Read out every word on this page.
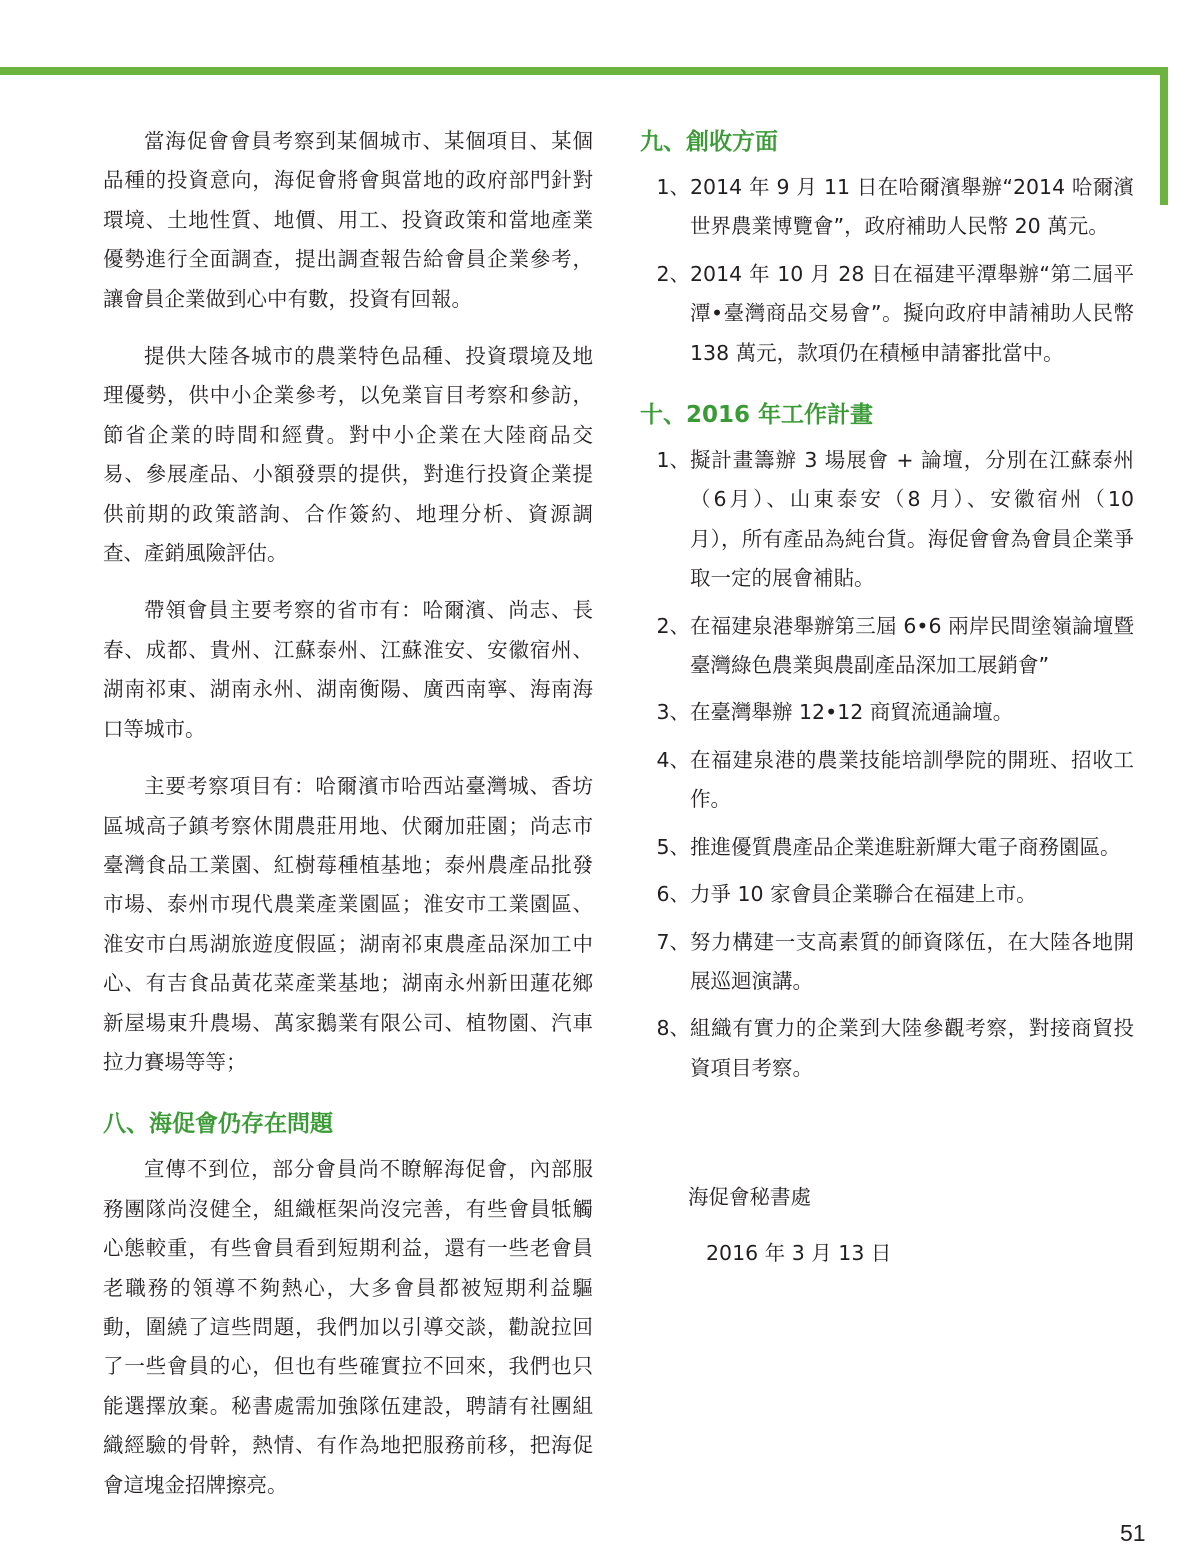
當海促會會員考察到某個城市、某個項目、某個品種的投資意向，海促會將會與當地的政府部門針對環境、土地性質、地價、用工、投資政策和當地產業優勢進行全面調查，提出調查報告給會員企業參考，讓會員企業做到心中有數，投資有回報。

提供大陸各城市的農業特色品種、投資環境及地理優勢，供中小企業參考，以免業盲目考察和參訪，節省企業的時間和經費。對中小企業在大陸商品交易、參展產品、小額發票的提供，對進行投資企業提供前期的政策諮詢、合作簽約、地理分析、資源調查、產銷風險評估。

帶領會員主要考察的省市有：哈爾濱、尚志、長春、成都、貴州、江蘇泰州、江蘇淮安、安徽宿州、湖南祁東、湖南永州、湖南衡陽、廣西南寧、海南海口等城市。

主要考察項目有：哈爾濱市哈西站臺灣城、香坊區城高子鎮考察休閒農莊用地、伏爾加莊園；尚志市臺灣食品工業園、紅樹莓種植基地；泰州農產品批發市場、泰州市現代農業產業園區；淮安市工業園區、淮安市白馬湖旅遊度假區；湖南祁東農產品深加工中心、有吉食品黃花菜產業基地；湖南永州新田蓮花鄉新屋場東升農場、萬家鵝業有限公司、植物園、汽車拉力賽場等等；

八、海促會仍存在問題

宣傳不到位，部分會員尚不瞭解海促會，內部服務團隊尚沒健全，組織框架尚沒完善，有些會員牴觸心態較重，有些會員看到短期利益，還有一些老會員老職務的領導不夠熱心，大多會員都被短期利益驅動，圍繞了這些問題，我們加以引導交談，勸說拉回了一些會員的心，但也有些確實拉不回來，我們也只能選擇放棄。秘書處需加強隊伍建設，聘請有社團組織經驗的骨幹，熱情、有作為地把服務前移，把海促會這塊金招牌擦亮。

九、創收方面
1、 2014 年 9 月 11 日在哈爾濱舉辦“2014 哈爾濱世界農業博覽會”，政府補助人民幣 20 萬元。
2、 2014 年 10 月 28 日在福建平潭舉辦“第二屆平潭•臺灣商品交易會”。擬向政府申請補助人民幣 138 萬元，款項仍在積極申請審批當中。
十、2016 年工作計畫
1、 擬計畫籌辦 3 場展會 + 論壇，分別在江蘇泰州（6月）、山東泰安（8 月）、安徽宿州（10 月），所有產品為純台貨。海促會會為會員企業爭取一定的展會補貼。
2、 在福建泉港舉辦第三屆 6•6 兩岸民間塗嶺論壇暨臺灣綠色農業與農副產品深加工展銷會”
3、 在臺灣舉辦 12•12 商貿流通論壇。
4、 在福建泉港的農業技能培訓學院的開班、招收工作。
5、 推進優質農產品企業進駐新輝大電子商務園區。
6、 力爭 10 家會員企業聯合在福建上市。
7、 努力構建一支高素質的師資隊伍，在大陸各地開展巡迴演講。
8、 組織有實力的企業到大陸參觀考察，對接商貿投資項目考察。
海促會秘書處
2016 年 3 月 13 日
51
